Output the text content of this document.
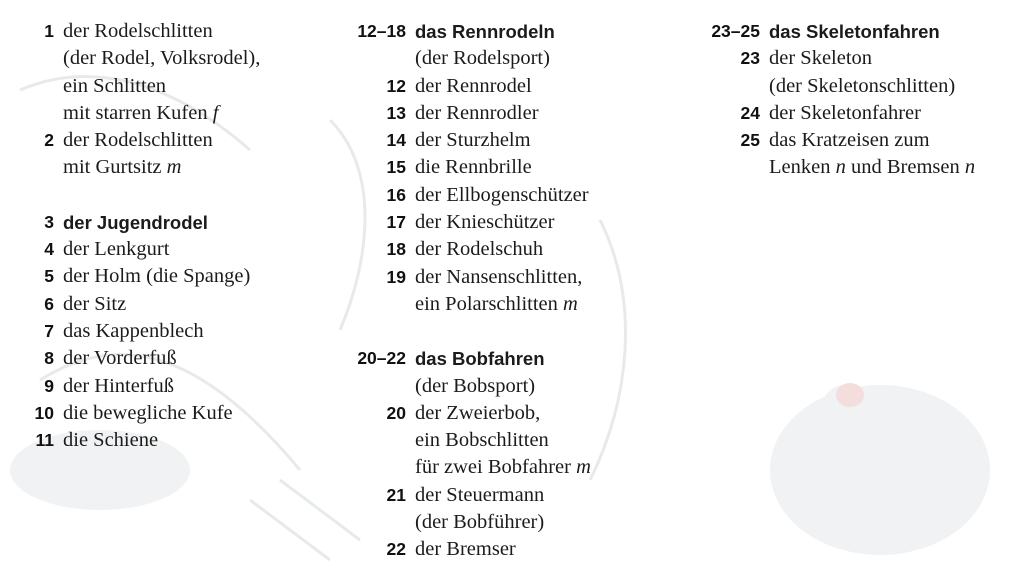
1 der Rodelschlitten
(der Rodel, Volksrodel),
ein Schlitten
mit starren Kufen f
2 der Rodelschlitten
mit Gurtsitz m
3 der Jugendrodel
4 der Lenkgurt
5 der Holm (die Spange)
6 der Sitz
7 das Kappenblech
8 der Vorderfuß
9 der Hinterfuß
10 die bewegliche Kufe
11 die Schiene
12–18 das Rennrodeln
(der Rodelsport)
12 der Rennrodel
13 der Rennrodler
14 der Sturzhelm
15 die Rennbrille
16 der Ellbogenschützer
17 der Knieschützer
18 der Rodelschuh
19 der Nansenschlitten,
ein Polarschlitten m
20–22 das Bobfahren
(der Bobsport)
20 der Zweierbob,
ein Bobschlitten
für zwei Bobfahrer m
21 der Steuermann
(der Bobführer)
22 der Bremser
23–25 das Skeletonfahren
23 der Skeleton
(der Skeletonschlitten)
24 der Skeletonfahrer
25 das Kratzeisen zum
Lenken n und Bremsen n
